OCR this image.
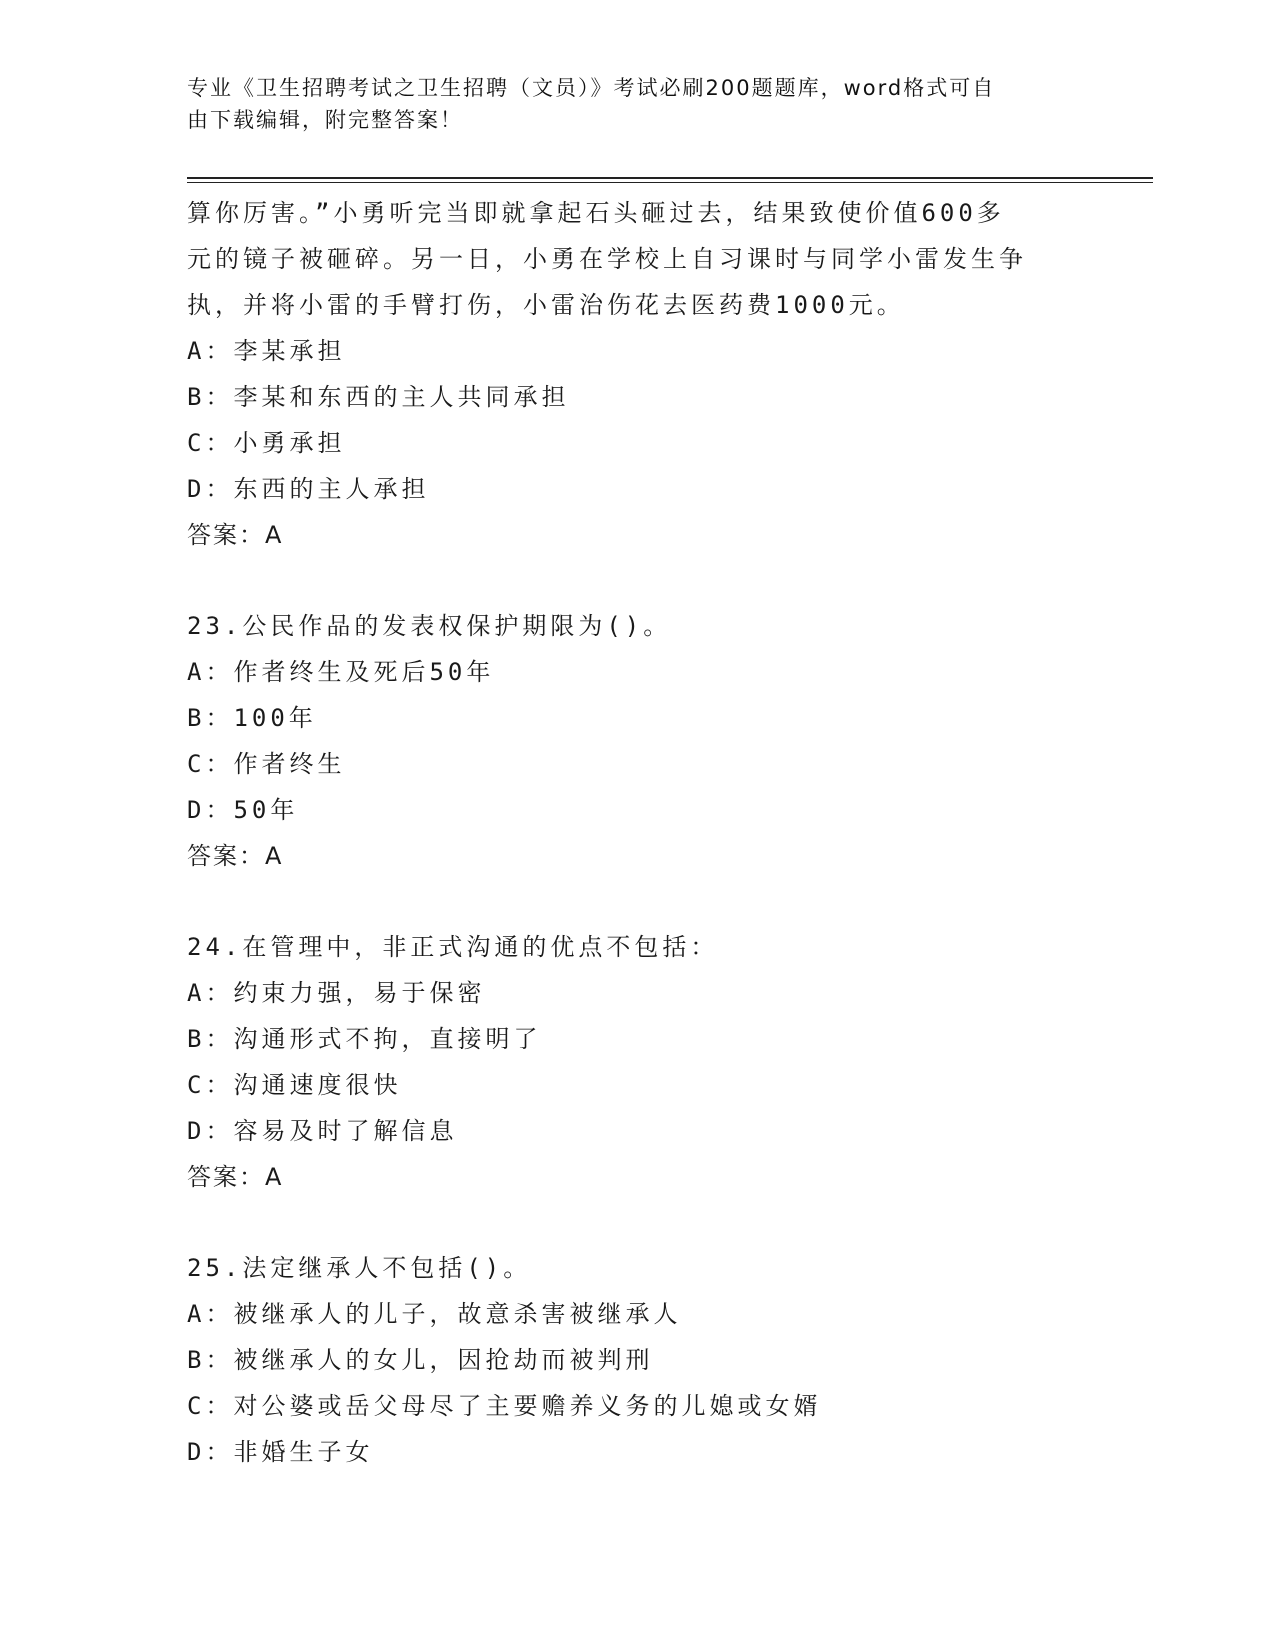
专业《卫生招聘考试之卫生招聘（文员）》考试必刷200题题库，word格式可自
由下载编辑，附完整答案！
算你厉害。”小勇听完当即就拿起石头砸过去，结果致使价值600多
元的镜子被砸碎。另一日，小勇在学校上自习课时与同学小雷发生争
执，并将小雷的手臂打伤，小雷治伤花去医药费1000元。
A：李某承担
B：李某和东西的主人共同承担
C：小勇承担
D：东西的主人承担
答案：A
23.公民作品的发表权保护期限为()。
A：作者终生及死后50年
B：100年
C：作者终生
D：50年
答案：A
24.在管理中，非正式沟通的优点不包括：
A：约束力强，易于保密
B：沟通形式不拘，直接明了
C：沟通速度很快
D：容易及时了解信息
答案：A
25.法定继承人不包括()。
A：被继承人的儿子，故意杀害被继承人
B：被继承人的女儿，因抢劫而被判刑
C：对公婆或岳父母尽了主要赡养义务的儿媳或女婿
D：非婚生子女
